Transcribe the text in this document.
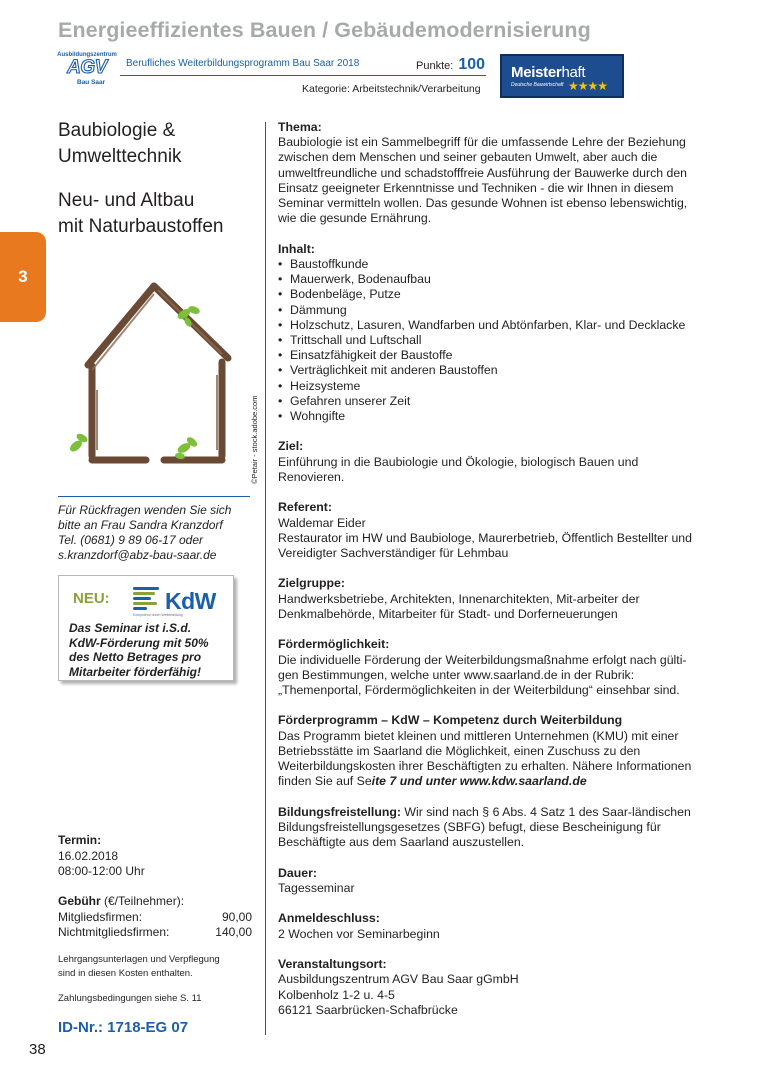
Energieeffizientes Bauen / Gebäudemodernisierung
Ausbildungszentrum
AGV
Bau Saar
Berufliches Weiterbildungsprogramm Bau Saar 2018	Punkte: 100
Kategorie: Arbeitstechnik/Verarbeitung
Meisterhaft
Deutsche Bauwirtschaft ★★★★
3
Baubiologie &
Umwelttechnik
Neu- und Altbau
mit Naturbaustoffen
©Petair - stock.adobe.com
Für Rückfragen wenden Sie sich
bitte an Frau Sandra Kranzdorf
Tel. (0681) 9 89 06-17 oder
s.kranzdorf@abz-bau-saar.de
NEU: KdW
Kompetenz durch Weiterbildung
Das Seminar ist i.S.d.
KdW-Förderung mit 50%
des Netto Betrages pro
Mitarbeiter förderfähig!
Termin:
16.02.2018
08:00-12:00 Uhr
Gebühr (€/Teilnehmer):
Mitgliedsfirmen:	90,00
Nichtmitgliedsfirmen:	140,00
Lehrgangsunterlagen und Verpflegung
sind in diesen Kosten enthalten.
Zahlungsbedingungen siehe S. 11
ID-Nr.: 1718-EG 07
38
Thema:
Baubiologie ist ein Sammelbegriff für die umfassende Lehre der Beziehung
zwischen dem Menschen und seiner gebauten Umwelt, aber auch die
umweltfreundliche und schadstofffreie Ausführung der Bauwerke durch den
Einsatz geeigneter Erkenntnisse und Techniken - die wir Ihnen in diesem
Seminar vermitteln wollen. Das gesunde Wohnen ist ebenso lebenswichtig,
wie die gesunde Ernährung.
Inhalt:
• Baustoffkunde
• Mauerwerk, Bodenaufbau
• Bodenbeläge, Putze
• Dämmung
• Holzschutz, Lasuren, Wandfarben und Abtönfarben, Klar- und Decklacke
• Trittschall und Luftschall
• Einsatzfähigkeit der Baustoffe
• Verträglichkeit mit anderen Baustoffen
• Heizsysteme
• Gefahren unserer Zeit
• Wohngifte
Ziel:
Einführung in die Baubiologie und Ökologie, biologisch Bauen und
Renovieren.
Referent:
Waldemar Eider
Restaurator im HW und Baubiologe, Maurerbetrieb, Öffentlich Bestellter und
Vereidigter Sachverständiger für Lehmbau
Zielgruppe:
Handwerksbetriebe, Architekten, Innenarchitekten, Mit-arbeiter der
Denkmalbehörde, Mitarbeiter für Stadt- und Dorferneuerungen
Fördermöglichkeit:
Die individuelle Förderung der Weiterbildungsmaßnahme erfolgt nach gülti-
gen Bestimmungen, welche unter www.saarland.de in der Rubrik:
„Themenportal, Fördermöglichkeiten in der Weiterbildung“ einsehbar sind.
Förderprogramm – KdW – Kompetenz durch Weiterbildung
Das Programm bietet kleinen und mittleren Unternehmen (KMU) mit einer
Betriebsstätte im Saarland die Möglichkeit, einen Zuschuss zu den
Weiterbildungskosten ihrer Beschäftigten zu erhalten. Nähere Informationen
finden Sie auf Seite 7 und unter www.kdw.saarland.de
Bildungsfreistellung: Wir sind nach § 6 Abs. 4 Satz 1 des Saar-ländischen
Bildungsfreistellungsgesetzes (SBFG) befugt, diese Bescheinigung für
Beschäftigte aus dem Saarland auszustellen.
Dauer:
Tagesseminar
Anmeldeschluss:
2 Wochen vor Seminarbeginn
Veranstaltungsort:
Ausbildungszentrum AGV Bau Saar gGmbH
Kolbenholz 1-2 u. 4-5
66121 Saarbrücken-Schafbrücke
